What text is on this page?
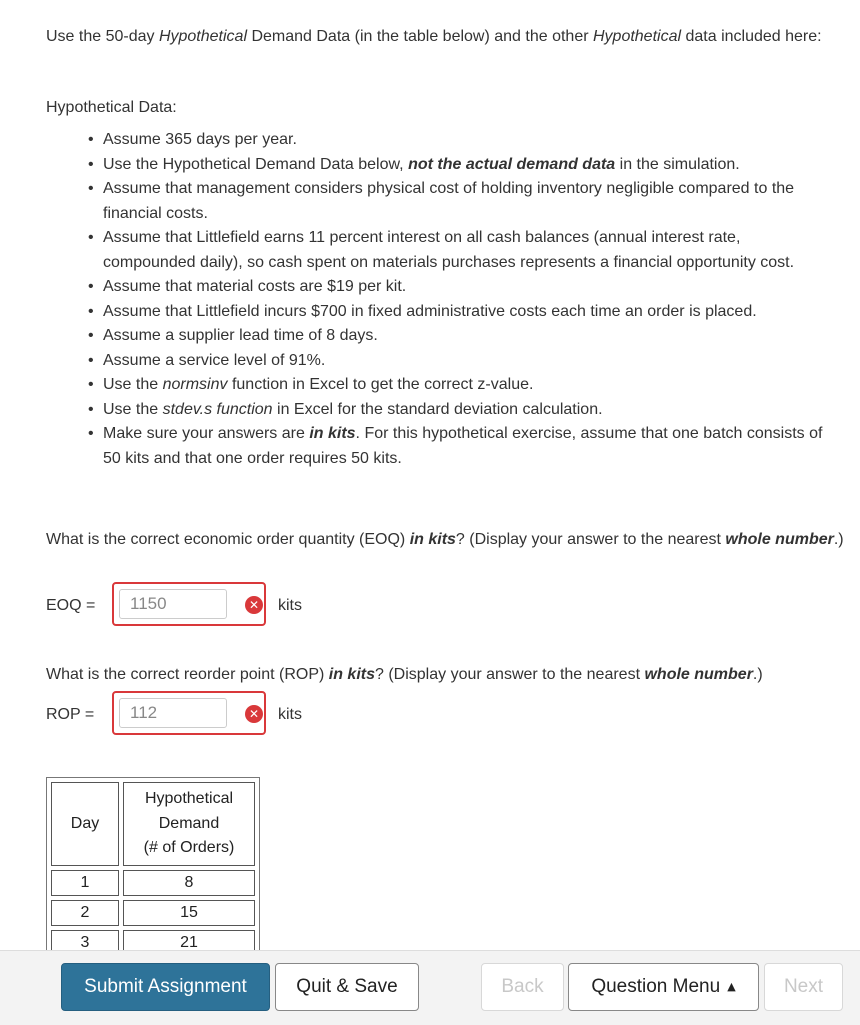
Use the 50-day Hypothetical Demand Data (in the table below) and the other Hypothetical data included here:

Hypothetical Data:

• Assume 365 days per year.
• Use the Hypothetical Demand Data below, not the actual demand data in the simulation.
• Assume that management considers physical cost of holding inventory negligible compared to the financial costs.
• Assume that Littlefield earns 11 percent interest on all cash balances (annual interest rate, compounded daily), so cash spent on materials purchases represents a financial opportunity cost.
• Assume that material costs are $19 per kit.
• Assume that Littlefield incurs $700 in fixed administrative costs each time an order is placed.
• Assume a supplier lead time of 8 days.
• Assume a service level of 91%.
• Use the normsinv function in Excel to get the correct z-value.
• Use the stdev.s function in Excel for the standard deviation calculation.
• Make sure your answers are in kits. For this hypothetical exercise, assume that one batch consists of 50 kits and that one order requires 50 kits.

What is the correct economic order quantity (EOQ) in kits? (Display your answer to the nearest whole number.)

EOQ =	1150	✕ kits

What is the correct reorder point (ROP) in kits? (Display your answer to the nearest whole number.)

ROP =	112	✕ kits
Day	Hypothetical
Demand
(# of Orders)
1	8
2	15
3	21
Submit Assignment	Quit & Save	Back	Question Menu ▲	Next
